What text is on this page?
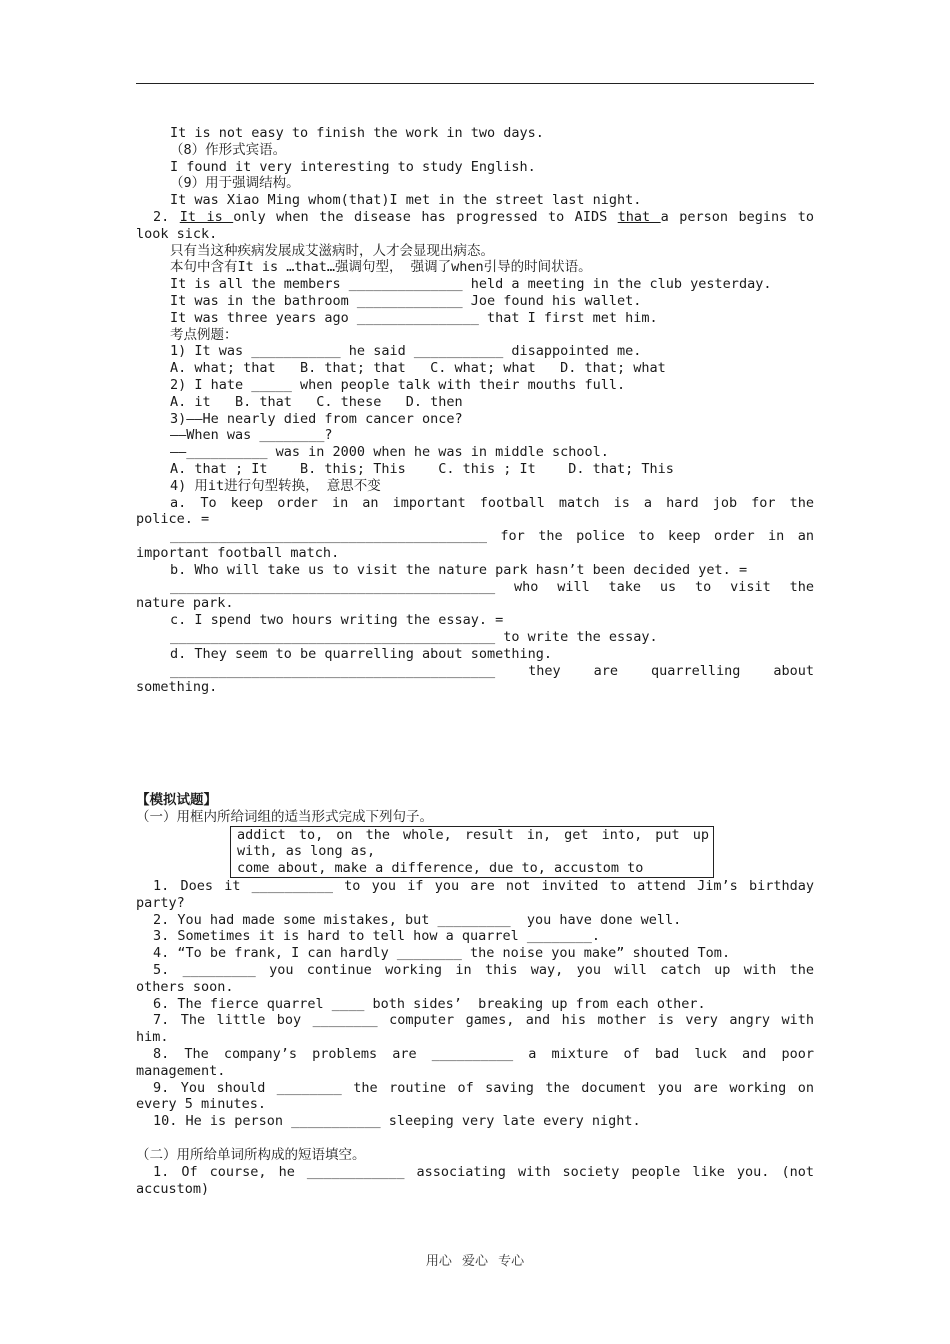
It is not easy to finish the work in two days.
（8）作形式宾语。
I found it very interesting to study English.
（9）用于强调结构。
It was Xiao Ming whom(that)I met in the street last night.
2. It is only when the disease has progressed to AIDS that a person begins to
look sick.
只有当这种疾病发展成艾滋病时，人才会显现出病态。
本句中含有It is …that…强调句型， 强调了when引导的时间状语。
It is all the members ______________ held a meeting in the club yesterday.
It was in the bathroom _____________ Joe found his wallet.
It was three years ago _______________ that I first met him.
考点例题：
1) It was ___________ he said ___________ disappointed me.
A. what; that   B. that; that   C. what; what   D. that; what
2) I hate _____ when people talk with their mouths full.
A. it   B. that   C. these   D. then
3)——He nearly died from cancer once?
——When was ________?
——__________ was in 2000 when he was in middle school.
A. that ; It    B. this; This    C. this ; It    D. that; This
4) 用it进行句型转换， 意思不变
a. To keep order in an important football match is a hard job for the
police. =
_______________________________________ for the police to keep order in an
important football match.
b. Who will take us to visit the nature park hasn’t been decided yet. =
________________________________________ who will take us to visit the
nature park.
c. I spend two hours writing the essay. =
________________________________________ to write the essay.
d. They seem to be quarrelling about something.
________________________________________ they are quarrelling about
something.
【模拟试题】
（一）用框内所给词组的适当形式完成下列句子。
addict to, on the whole, result in, get into, put up
with, as long as,
come about, make a difference, due to, accustom to
1. Does it __________ to you if you are not invited to attend Jim’s birthday
party?
2. You had made some mistakes, but _________  you have done well.
3. Sometimes it is hard to tell how a quarrel ________.
4. “To be frank, I can hardly ________ the noise you make” shouted Tom.
5. _________ you continue working in this way, you will catch up with the
others soon.
6. The fierce quarrel ____ both sides’  breaking up from each other.
7. The little boy ________ computer games, and his mother is very angry with
him.
8. The company’s problems are __________ a mixture of bad luck and poor
management.
9. You should ________ the routine of saving the document you are working on
every 5 minutes.
10. He is person ___________ sleeping very late every night.
（二）用所给单词所构成的短语填空。
1. Of course, he ____________ associating with society people like you. (not
accustom)
用心 爱心 专心
